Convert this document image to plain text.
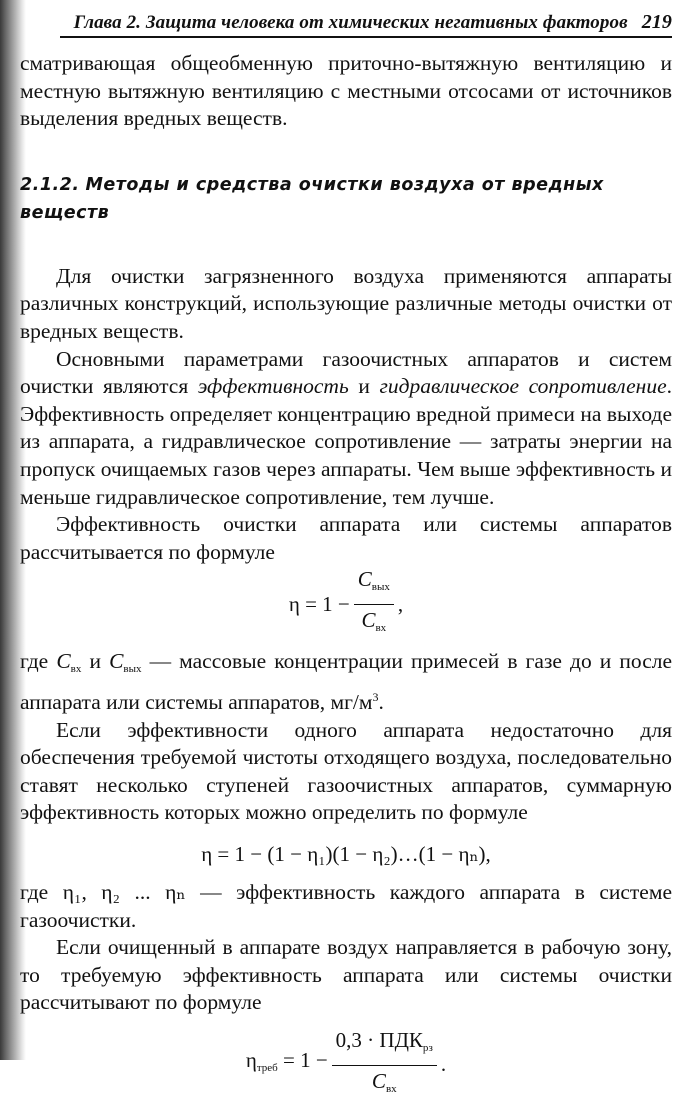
Глава 2. Защита человека от химических негативных факторов 219

сматривающая общеобменную приточно-вытяжную вентиляцию и местную вытяжную вентиляцию с местными отсосами от источников выделения вредных веществ.

2.1.2. Методы и средства очистки воздуха от вредных веществ

Для очистки загрязненного воздуха применяются аппараты различных конструкций, использующие различные методы очистки от вредных веществ.

Основными параметрами газоочистных аппаратов и систем очистки являются эффективность и гидравлическое сопротивление. Эффективность определяет концентрацию вредной примеси на выходе из аппарата, а гидравлическое сопротивление — затраты энергии на пропуск очищаемых газов через аппараты. Чем выше эффективность и меньше гидравлическое сопротивление, тем лучше.

Эффективность очистки аппарата или системы аппаратов рассчитывается по формуле

$\eta = 1 - \frac{C_{вых}}{C_{вх}}$ ,

где $C_{вх}$ и $C_{вых}$ — массовые концентрации примесей в газе до и после аппарата или системы аппаратов, $мг/м^3$.

Если эффективности одного аппарата недостаточно для обеспечения требуемой чистоты отходящего воздуха, последовательно ставят несколько ступеней газоочистных аппаратов, суммарную эффективность которых можно определить по формуле

η = 1 − (1 − η₁)(1 − η₂)…(1 − ηₙ),

где η₁, η₂ ... ηₙ — эффективность каждого аппарата в системе газоочистки.

Если очищенный в аппарате воздух направляется в рабочую зону, то требуемую эффективность аппарата или системы очистки рассчитывают по формуле

$\eta_{треб} = 1 - \frac{0,3 \cdot ПДК_{рз}}{C_{вх}}$ .
